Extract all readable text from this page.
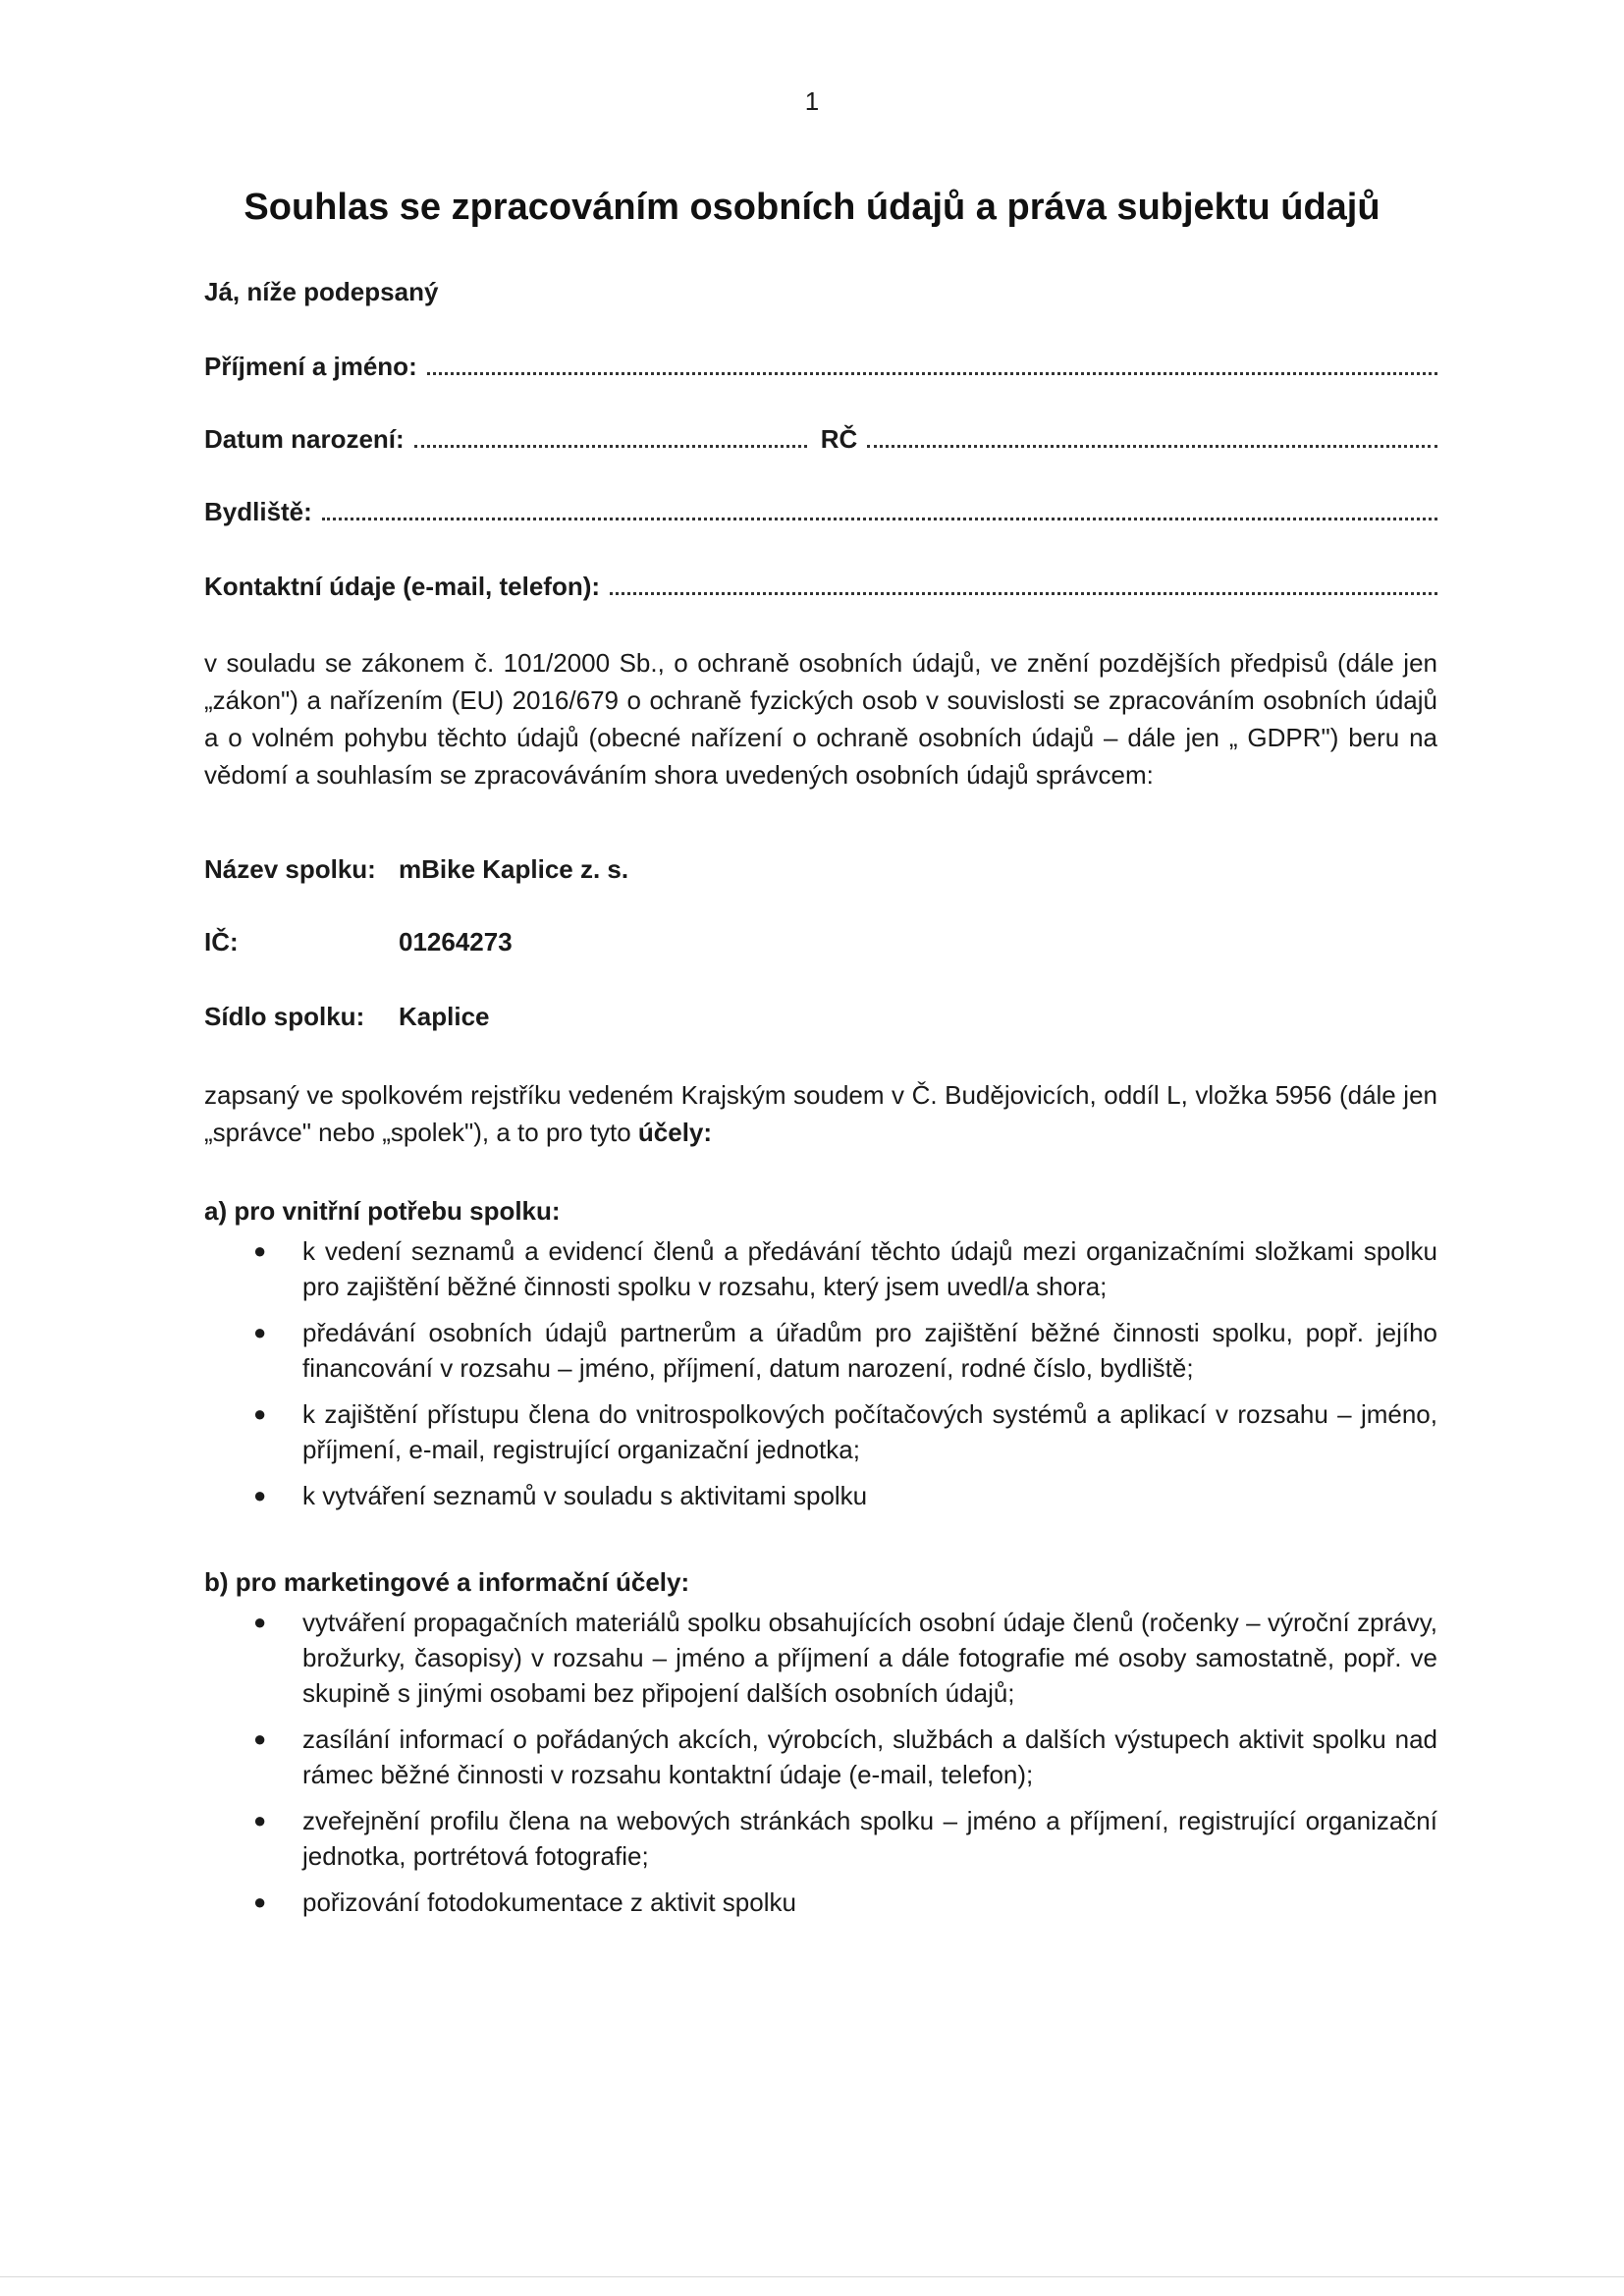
1
Souhlas se zpracováním osobních údajů a práva subjektu údajů
Já, níže podepsaný
Příjmení a jméno:
Datum narození:	RČ
Bydliště:
Kontaktní údaje (e-mail, telefon):
v souladu se zákonem č. 101/2000 Sb., o ochraně osobních údajů, ve znění pozdějších předpisů (dále jen „zákon") a nařízením (EU) 2016/679 o ochraně fyzických osob v souvislosti se zpracováním osobních údajů a o volném pohybu těchto údajů (obecné nařízení o ochraně osobních údajů – dále jen „ GDPR") beru na vědomí a souhlasím se zpracováváním shora uvedených osobních údajů správcem:
Název spolku: mBike Kaplice z. s.
IČ:	01264273
Sídlo spolku: Kaplice
zapsaný ve spolkovém rejstříku vedeném Krajským soudem v Č. Budějovicích, oddíl L, vložka 5956 (dále jen „správce" nebo „spolek"), a to pro tyto účely:
a) pro vnitřní potřebu spolku:
● k vedení seznamů a evidencí členů a předávání těchto údajů mezi organizačními složkami spolku pro zajištění běžné činnosti spolku v rozsahu, který jsem uvedl/a shora;
● předávání osobních údajů partnerům a úřadům pro zajištění běžné činnosti spolku, popř. jejího financování v rozsahu – jméno, příjmení, datum narození, rodné číslo, bydliště;
● k zajištění přístupu člena do vnitrospolkových počítačových systémů a aplikací v rozsahu – jméno, příjmení, e-mail, registrující organizační jednotka;
● k vytváření seznamů v souladu s aktivitami spolku
b) pro marketingové a informační účely:
● vytváření propagačních materiálů spolku obsahujících osobní údaje členů (ročenky – výroční zprávy, brožurky, časopisy) v rozsahu – jméno a příjmení a dále fotografie mé osoby samostatně, popř. ve skupině s jinými osobami bez připojení dalších osobních údajů;
● zasílání informací o pořádaných akcích, výrobcích, službách a dalších výstupech aktivit spolku nad rámec běžné činnosti v rozsahu kontaktní údaje (e-mail, telefon);
● zveřejnění profilu člena na webových stránkách spolku – jméno a příjmení, registrující organizační jednotka, portrétová fotografie;
● pořizování fotodokumentace z aktivit spolku
